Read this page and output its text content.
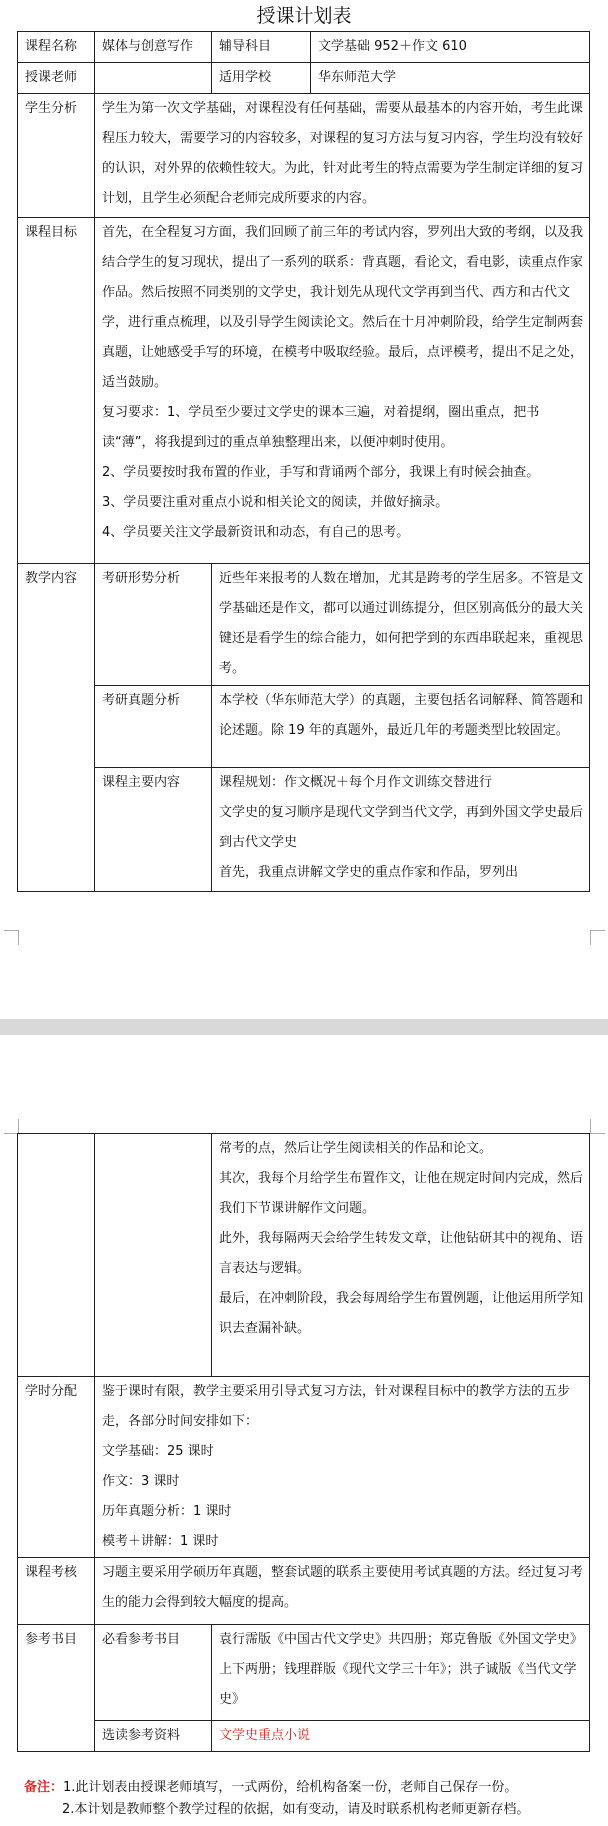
授课计划表
课程名称	媒体与创意写作	辅导科目	文学基础 952＋作文 610
授课老师		适用学校	华东师范大学
学生分析	学生为第一次文学基础，对课程没有任何基础，需要从最基本的内容开始，考生此课程压力较大，需要学习的内容较多，对课程的复习方法与复习内容，学生均没有较好的认识，对外界的依赖性较大。为此，针对此考生的特点需要为学生制定详细的复习计划，且学生必须配合老师完成所要求的内容。		
课程目标	首先，在全程复习方面，我们回顾了前三年的考试内容，罗列出大致的考纲，以及我结合学生的复习现状，提出了一系列的联系：背真题，看论文，看电影，读重点作家作品。然后按照不同类别的文学史，我计划先从现代文学再到当代、西方和古代文学，进行重点梳理，以及引导学生阅读论文。然后在十月冲刺阶段，给学生定制两套真题，让她感受手写的环境，在模考中吸取经验。最后，点评模考，提出不足之处，适当鼓励。
复习要求：1、学员至少要过文学史的课本三遍，对着提纲，圈出重点，把书读“薄”，将我提到过的重点单独整理出来，以便冲刺时使用。
2、学员要按时我布置的作业，手写和背诵两个部分，我课上有时候会抽查。
3、学员要注重对重点小说和相关论文的阅读，并做好摘录。
4、学员要关注文学最新资讯和动态，有自己的思考。		

教学内容	考研形势分析	近些年来报考的人数在增加，尤其是跨考的学生居多。不管是文学基础还是作文，都可以通过训练提分，但区别高低分的最大关键还是看学生的综合能力，如何把学到的东西串联起来，重视思考。	
	考研真题分析	本学校（华东师范大学）的真题，主要包括名词解释、简答题和论述题。除 19 年的真题外，最近几年的考题类型比较固定。	
	课程主要内容	课程规划：作文概况＋每个月作文训练交替进行
文学史的复习顺序是现代文学到当代文学，再到外国文学史最后到古代文学史
首先，我重点讲解文学史的重点作家和作品，罗列出	

		常考的点，然后让学生阅读相关的作品和论文。
其次，我每个月给学生布置作文，让他在规定时间内完成，然后我们下节课讲解作文问题。
此外，我每隔两天会给学生转发文章，让他钻研其中的视角、语言表达与逻辑。
最后，在冲刺阶段，我会每周给学生布置例题，让他运用所学知识去查漏补缺。

学时分配	鉴于课时有限，教学主要采用引导式复习方法，针对课程目标中的教学方法的五步走，各部分时间安排如下：
文学基础：25 课时
作文：3 课时
历年真题分析：1 课时
模考＋讲解：1 课时	

课程考核	习题主要采用学硕历年真题，整套试题的联系主要使用考试真题的方法。经过复习考生的能力会得到较大幅度的提高。	
参考书目	必看参考书目	袁行霈版《中国古代文学史》共四册；郑克鲁版《外国文学史》上下两册；钱理群版《现代文学三十年》；洪子诚版《当代文学史》
	选读参考资料	文学史重点小说
备注：1.此计划表由授课老师填写，一式两份，给机构备案一份，老师自己保存一份。
2.本计划是教师整个教学过程的依据，如有变动，请及时联系机构老师更新存档。
